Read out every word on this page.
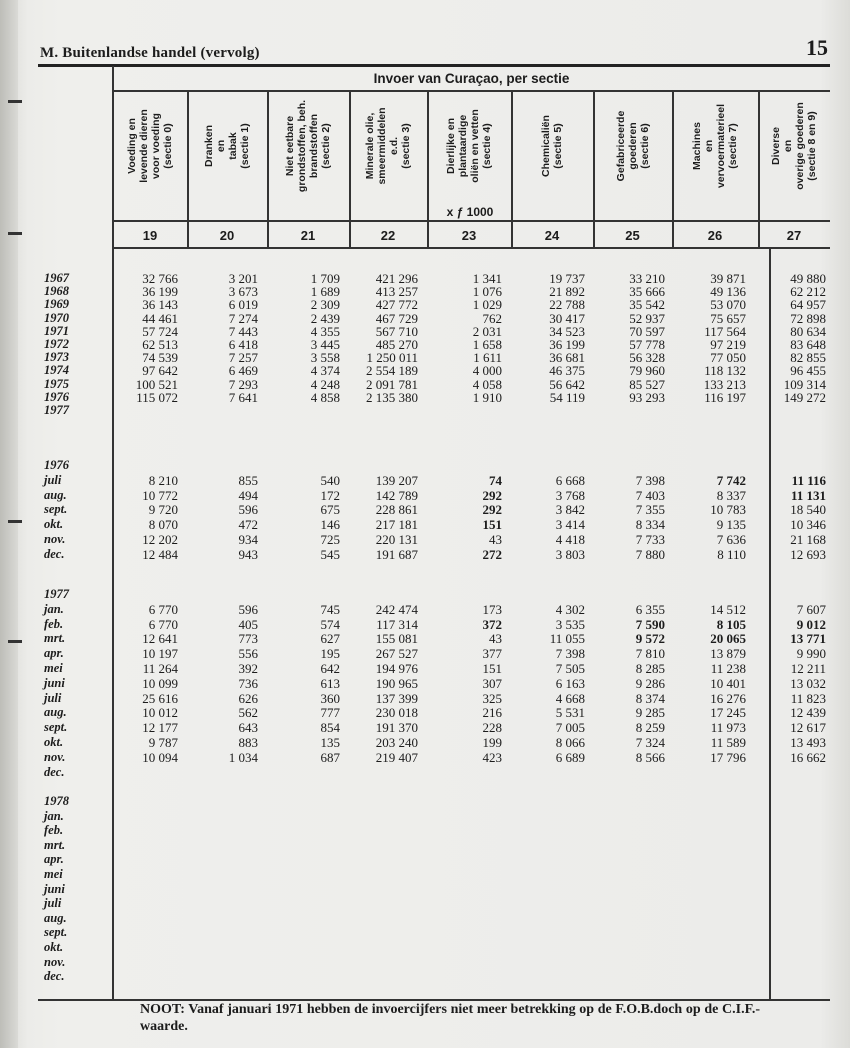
M. Buitenlandse handel (vervolg)	15
Invoer van Curaçao, per sectie
x ƒ 1000
Voeding en levende dieren voor voeding (sectie 0)
19
Dranken en tabak (sectie 1)
20
Niet eetbare grondstoffen, beh. brandstoffen (sectie 2)
21
Minerale olie, smeermiddelen e.d. (sectie 3)
22
Dierlijke en plantaardige oliën en vetten (sectie 4)
23
Chemicaliën (sectie 5)
24
Gefabriceerde goederen (sectie 6)
25
Machines en vervoermaterieel (sectie 7)
26
Diverse en overige goederen (sectie 8 en 9)
27
1967	32 766	3 201	1 709	421 296	1 341	19 737	33 210	39 871	49 880
1968	36 199	3 673	1 689	413 257	1 076	21 892	35 666	49 136	62 212
1969	36 143	6 019	2 309	427 772	1 029	22 788	35 542	53 070	64 957
1970	44 461	7 274	2 439	467 729	762	30 417	52 937	75 657	72 898
1971	57 724	7 443	4 355	567 710	2 031	34 523	70 597	117 564	80 634
1972	62 513	6 418	3 445	485 270	1 658	36 199	57 778	97 219	83 648
1973	74 539	7 257	3 558	1 250 011	1 611	36 681	56 328	77 050	82 855
1974	97 642	6 469	4 374	2 554 189	4 000	46 375	79 960	118 132	96 455
1975	100 521	7 293	4 248	2 091 781	4 058	56 642	85 527	133 213	109 314
1976	115 072	7 641	4 858	2 135 380	1 910	54 119	93 293	116 197	149 272
1977
1976
juli	8 210	855	540	139 207	74	6 668	7 398	7 742	11 116
aug.	10 772	494	172	142 789	292	3 768	7 403	8 337	11 131
sept.	9 720	596	675	228 861	292	3 842	7 355	10 783	18 540
okt.	8 070	472	146	217 181	151	3 414	8 334	9 135	10 346
nov.	12 202	934	725	220 131	43	4 418	7 733	7 636	21 168
dec.	12 484	943	545	191 687	272	3 803	7 880	8 110	12 693
1977
jan.	6 770	596	745	242 474	173	4 302	6 355	14 512	7 607
feb.	6 770	405	574	117 314	372	3 535	7 590	8 105	9 012
mrt.	12 641	773	627	155 081	43	11 055	9 572	20 065	13 771
apr.	10 197	556	195	267 527	377	7 398	7 810	13 879	9 990
mei	11 264	392	642	194 976	151	7 505	8 285	11 238	12 211
juni	10 099	736	613	190 965	307	6 163	9 286	10 401	13 032
juli	25 616	626	360	137 399	325	4 668	8 374	16 276	11 823
aug.	10 012	562	777	230 018	216	5 531	9 285	17 245	12 439
sept.	12 177	643	854	191 370	228	7 005	8 259	11 973	12 617
okt.	9 787	883	135	203 240	199	8 066	7 324	11 589	13 493
nov.	10 094	1 034	687	219 407	423	6 689	8 566	17 796	16 662
dec.
1978
jan.
feb.
mrt.
apr.
mei
juni
juli
aug.
sept.
okt.
nov.
dec.
NOOT: Vanaf januari 1971 hebben de invoercijfers niet meer betrekking op de F.O.B.doch op de C.I.F.-waarde.
